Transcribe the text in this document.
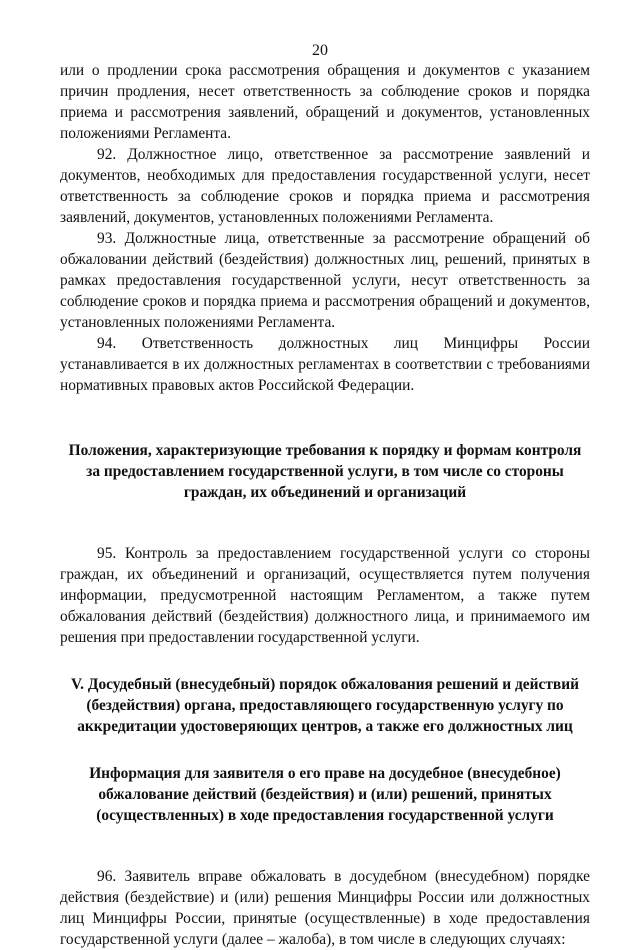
20

или о продлении срока рассмотрения обращения и документов с указанием причин продления, несет ответственность за соблюдение сроков и порядка приема и рассмотрения заявлений, обращений и документов, установленных положениями Регламента.

92. Должностное лицо, ответственное за рассмотрение заявлений и документов, необходимых для предоставления государственной услуги, несет ответственность за соблюдение сроков и порядка приема и рассмотрения заявлений, документов, установленных положениями Регламента.

93. Должностные лица, ответственные за рассмотрение обращений об обжаловании действий (бездействия) должностных лиц, решений, принятых в рамках предоставления государственной услуги, несут ответственность за соблюдение сроков и порядка приема и рассмотрения обращений и документов, установленных положениями Регламента.

94. Ответственность должностных лиц Минцифры России устанавливается в их должностных регламентах в соответствии с требованиями нормативных правовых актов Российской Федерации.

Положения, характеризующие требования к порядку и формам контроля за предоставлением государственной услуги, в том числе со стороны граждан, их объединений и организаций

95. Контроль за предоставлением государственной услуги со стороны граждан, их объединений и организаций, осуществляется путем получения информации, предусмотренной настоящим Регламентом, а также путем обжалования действий (бездействия) должностного лица, и принимаемого им решения при предоставлении государственной услуги.

V. Досудебный (внесудебный) порядок обжалования решений и действий (бездействия) органа, предоставляющего государственную услугу по аккредитации удостоверяющих центров, а также его должностных лиц

Информация для заявителя о его праве на досудебное (внесудебное) обжалование действий (бездействия) и (или) решений, принятых (осуществленных) в ходе предоставления государственной услуги

96. Заявитель вправе обжаловать в досудебном (внесудебном) порядке действия (бездействие) и (или) решения Минцифры России или должностных лиц Минцифры России, принятые (осуществленные) в ходе предоставления государственной услуги (далее – жалоба), в том числе в следующих случаях:
